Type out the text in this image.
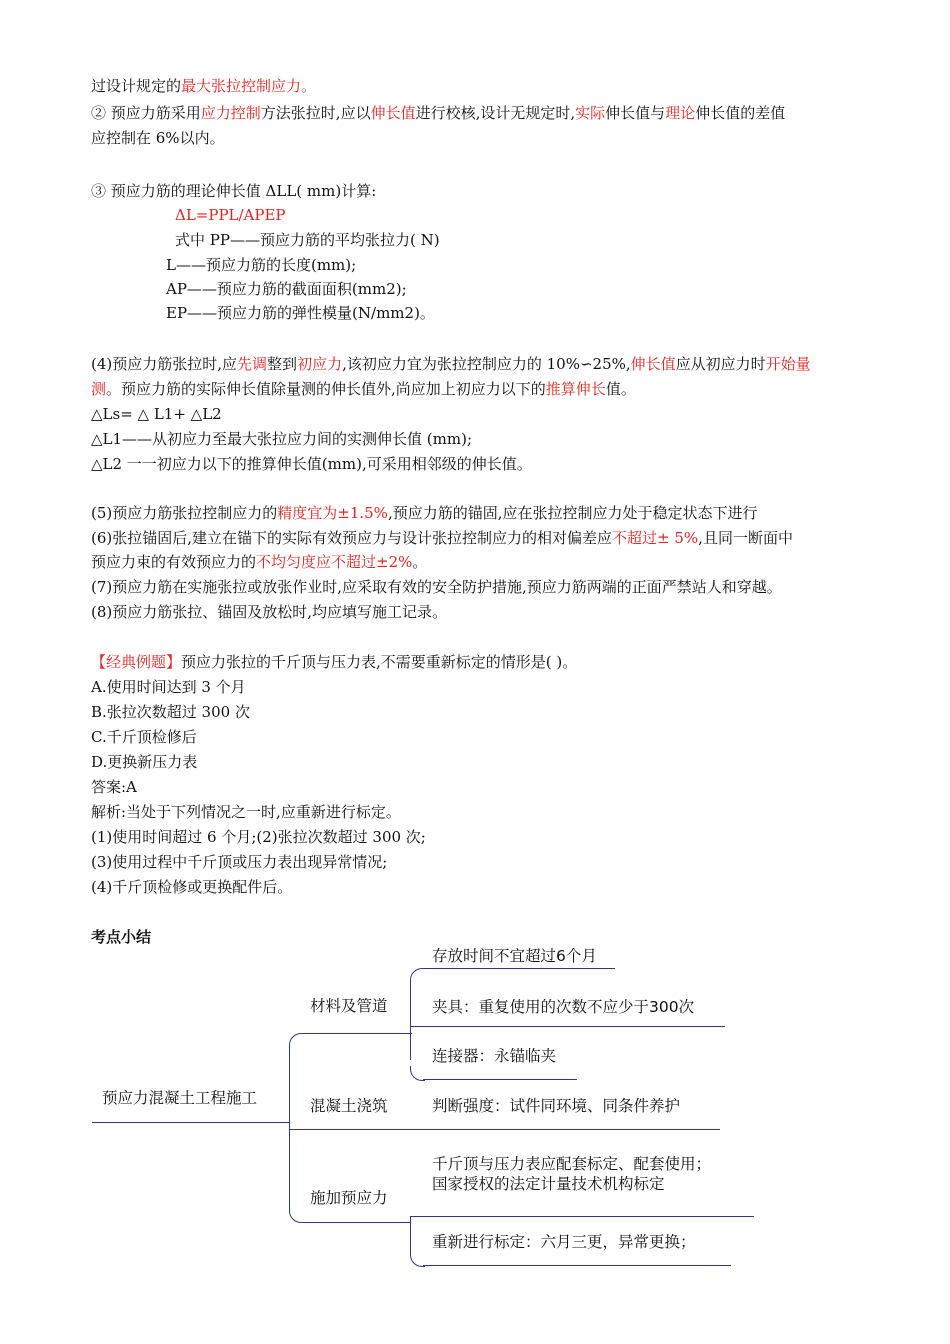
过设计规定的最大张拉控制应力。
② 预应力筋采用应力控制方法张拉时,应以伸长值进行校核,设计无规定时,实际伸长值与理论伸长值的差值
应控制在 6%以内。
③ 预应力筋的理论伸长值 ΔLL( mm)计算:
ΔL=PPL/APEP
式中 PP——预应力筋的平均张拉力( N)
L——预应力筋的长度(mm);
AP——预应力筋的截面面积(mm2);
EP——预应力筋的弹性模量(N/mm2)。
(4)预应力筋张拉时,应先调整到初应力,该初应力宜为张拉控制应力的 10%∽25%,伸长值应从初应力时开始量
测。预应力筋的实际伸长值除量测的伸长值外,尚应加上初应力以下的推算伸长值。
△Ls= △ L1+ △L2
△L1——从初应力至最大张拉应力间的实测伸长值 (mm);
△L2 一一初应力以下的推算伸长值(mm),可采用相邻级的伸长值。
(5)预应力筋张拉控制应力的精度宜为±1.5%,预应力筋的锚固,应在张拉控制应力处于稳定状态下进行
(6)张拉锚固后,建立在锚下的实际有效预应力与设计张拉控制应力的相对偏差应不超过± 5%,且同一断面中
预应力束的有效预应力的不均匀度应不超过±2%。
(7)预应力筋在实施张拉或放张作业时,应采取有效的安全防护措施,预应力筋两端的正面严禁站人和穿越。
(8)预应力筋张拉、锚固及放松时,均应填写施工记录。
【经典例题】预应力张拉的千斤顶与压力表,不需要重新标定的情形是( )。
A.使用时间达到 3 个月
B.张拉次数超过 300 次
C.千斤顶检修后
D.更换新压力表
答案:A
解析:当处于下列情况之一时,应重新进行标定。
(1)使用时间超过 6 个月;(2)张拉次数超过 300 次;
(3)使用过程中千斤顶或压力表出现异常情况;
(4)千斤顶检修或更换配件后。
考点小结
预应力混凝土工程施工
材料及管道
存放时间不宜超过6个月
夹具：重复使用的次数不应少于300次
连接器：永锚临夹
混凝土浇筑	判断强度：试件同环境、同条件养护
施加预应力
千斤顶与压力表应配套标定、配套使用；
国家授权的法定计量技术机构标定
重新进行标定：六月三更，异常更换；
